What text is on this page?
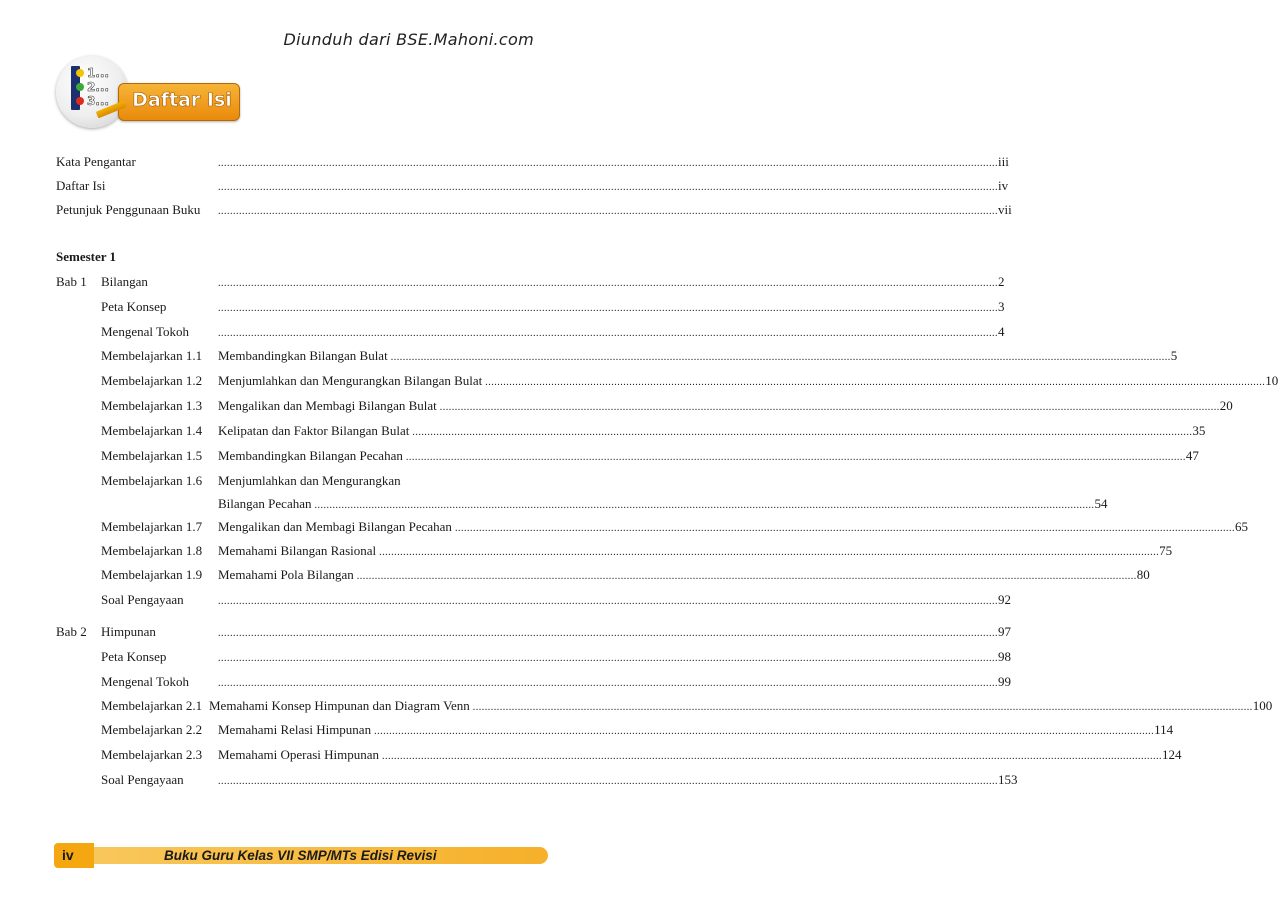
Diunduh dari BSE.Mahoni.com
1...
2...
3... Daftar Isi
Kata Pengantar	.................................................................................................................................................................................................................................................................... iii
Daftar Isi	.................................................................................................................................................................................................................................................................... iv
Petunjuk Penggunaan Buku .................................................................................................................................................................................................................................................................... vii
Semester 1
Bab 1 Bilangan	.................................................................................................................................................................................................................................................................... 2
Peta Konsep	.................................................................................................................................................................................................................................................................... 3
Mengenal Tokoh	.................................................................................................................................................................................................................................................................... 4
Membelajarkan 1.1 Membandingkan Bilangan Bulat .................................................................................................................................................................................................................................................................... 5
Membelajarkan 1.2 Menjumlahkan dan Mengurangkan Bilangan Bulat .................................................................................................................................................................................................................................................................... 10
Membelajarkan 1.3 Mengalikan dan Membagi Bilangan Bulat .................................................................................................................................................................................................................................................................... 20
Membelajarkan 1.4 Kelipatan dan Faktor Bilangan Bulat .................................................................................................................................................................................................................................................................... 35
Membelajarkan 1.5 Membandingkan Bilangan Pecahan .................................................................................................................................................................................................................................................................... 47
Membelajarkan 1.6 Menjumlahkan dan Mengurangkan
Bilangan Pecahan .................................................................................................................................................................................................................................................................... 54
Membelajarkan 1.7 Mengalikan dan Membagi Bilangan Pecahan .................................................................................................................................................................................................................................................................... 65
Membelajarkan 1.8 Memahami Bilangan Rasional .................................................................................................................................................................................................................................................................... 75
Membelajarkan 1.9 Memahami Pola Bilangan .................................................................................................................................................................................................................................................................... 80
Soal Pengayaan	.................................................................................................................................................................................................................................................................... 92
Bab 2 Himpunan	.................................................................................................................................................................................................................................................................... 97
Peta Konsep	.................................................................................................................................................................................................................................................................... 98
Mengenal Tokoh	.................................................................................................................................................................................................................................................................... 99
Membelajarkan 2.1 Memahami Konsep Himpunan dan Diagram Venn .................................................................................................................................................................................................................................................................... 100
Membelajarkan 2.2 Memahami Relasi Himpunan .................................................................................................................................................................................................................................................................... 114
Membelajarkan 2.3 Memahami Operasi Himpunan .................................................................................................................................................................................................................................................................... 124
Soal Pengayaan	.................................................................................................................................................................................................................................................................... 153
Buku Guru Kelas VII SMP/MTs Edisi Revisi
iv
